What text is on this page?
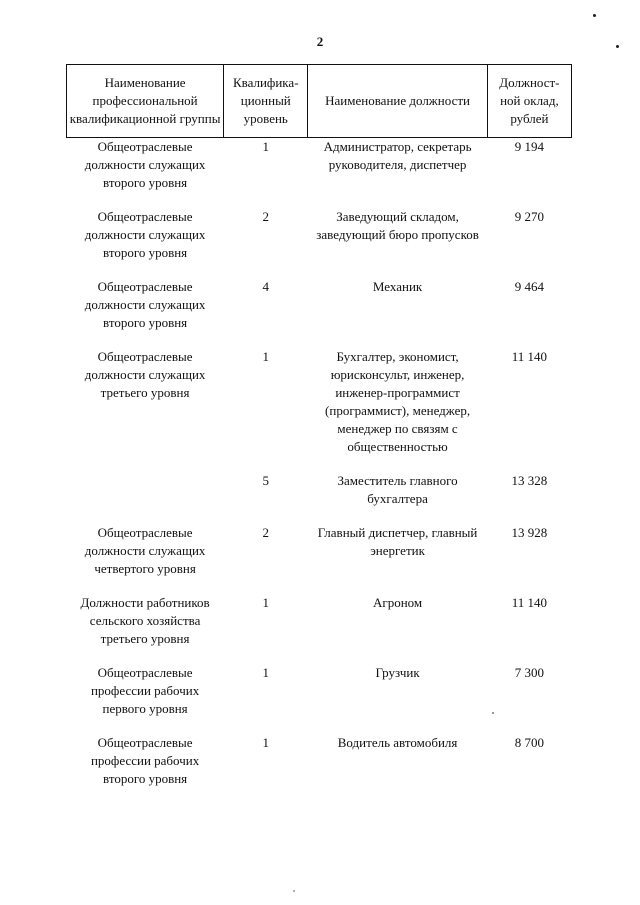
2
Наименование профессиональной квалификационной группы	Квалифика-ционный уровень	Наименование должности	Должност-ной оклад, рублей
Общеотраслевые должности служащих второго уровня	1	Администратор, секретарь руководителя, диспетчер	9 194
Общеотраслевые должности служащих второго уровня	2	Заведующий складом, заведующий бюро пропусков	9 270
Общеотраслевые должности служащих второго уровня	4	Механик	9 464
Общеотраслевые должности служащих третьего уровня	1	Бухгалтер, экономист, юрисконсульт, инженер, инженер-программист (программист), менеджер, менеджер по связям с общественностью	11 140
	5	Заместитель главного бухгалтера	13 328
Общеотраслевые должности служащих четвертого уровня	2	Главный диспетчер, главный энергетик	13 928
Должности работников сельского хозяйства третьего уровня	1	Агроном	11 140
Общеотраслевые профессии рабочих первого уровня	1	Грузчик	7 300
Общеотраслевые профессии рабочих второго уровня	1	Водитель автомобиля	8 700
